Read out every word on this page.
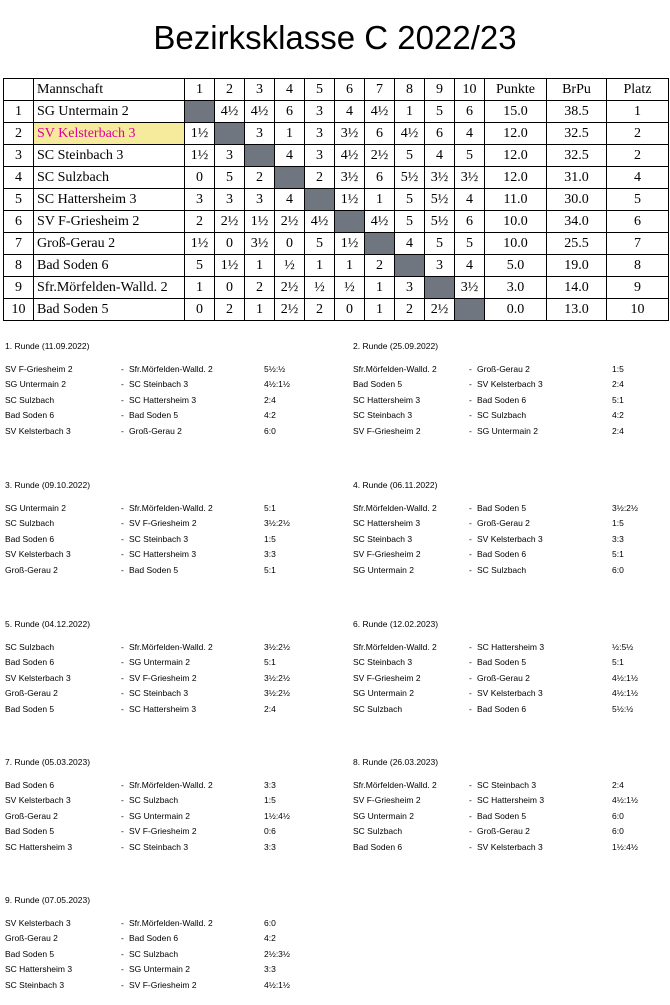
Bezirksklasse C 2022/23
	Mannschaft	1	2	3	4	5	6	7	8	9	10	Punkte	BrPu	Platz
1	SG Untermain 2		4½	4½	6	3	4	4½	1	5	6	15.0	38.5	1
2	SV Kelsterbach 3	1½		3	1	3	3½	6	4½	6	4	12.0	32.5	2
3	SC Steinbach 3	1½	3		4	3	4½	2½	5	4	5	12.0	32.5	2
4	SC Sulzbach	0	5	2		2	3½	6	5½	3½	3½	12.0	31.0	4
5	SC Hattersheim 3	3	3	3	4		1½	1	5	5½	4	11.0	30.0	5
6	SV F-Griesheim 2	2	2½	1½	2½	4½		4½	5	5½	6	10.0	34.0	6
7	Groß-Gerau 2	1½	0	3½	0	5	1½		4	5	5	10.0	25.5	7
8	Bad Soden 6	5	1½	1	½	1	1	2		3	4	5.0	19.0	8
9	Sfr.Mörfelden-Walld. 2	1	0	2	2½	½	½	1	3		3½	3.0	14.0	9
10	Bad Soden 5	0	2	1	2½	2	0	1	2	2½		0.0	13.0	10
1. Runde (11.09.2022)
SV F-Griesheim 2	- Sfr.Mörfelden-Walld. 2	5½:½
SG Untermain 2	- SC Steinbach 3	4½:1½
SC Sulzbach	- SC Hattersheim 3	2:4
Bad Soden 6	- Bad Soden 5	4:2
SV Kelsterbach 3	- Groß-Gerau 2	6:0
2. Runde (25.09.2022)
Sfr.Mörfelden-Walld. 2	- Groß-Gerau 2	1:5
Bad Soden 5	- SV Kelsterbach 3	2:4
SC Hattersheim 3	- Bad Soden 6	5:1
SC Steinbach 3	- SC Sulzbach	4:2
SV F-Griesheim 2	- SG Untermain 2	2:4
3. Runde (09.10.2022)
SG Untermain 2	- Sfr.Mörfelden-Walld. 2	5:1
SC Sulzbach	- SV F-Griesheim 2	3½:2½
Bad Soden 6	- SC Steinbach 3	1:5
SV Kelsterbach 3	- SC Hattersheim 3	3:3
Groß-Gerau 2	- Bad Soden 5	5:1
4. Runde (06.11.2022)
Sfr.Mörfelden-Walld. 2	- Bad Soden 5	3½:2½
SC Hattersheim 3	- Groß-Gerau 2	1:5
SC Steinbach 3	- SV Kelsterbach 3	3:3
SV F-Griesheim 2	- Bad Soden 6	5:1
SG Untermain 2	- SC Sulzbach	6:0
5. Runde (04.12.2022)
SC Sulzbach	- Sfr.Mörfelden-Walld. 2	3½:2½
Bad Soden 6	- SG Untermain 2	5:1
SV Kelsterbach 3	- SV F-Griesheim 2	3½:2½
Groß-Gerau 2	- SC Steinbach 3	3½:2½
Bad Soden 5	- SC Hattersheim 3	2:4
6. Runde (12.02.2023)
Sfr.Mörfelden-Walld. 2	- SC Hattersheim 3	½:5½
SC Steinbach 3	- Bad Soden 5	5:1
SV F-Griesheim 2	- Groß-Gerau 2	4½:1½
SG Untermain 2	- SV Kelsterbach 3	4½:1½
SC Sulzbach	- Bad Soden 6	5½:½
7. Runde (05.03.2023)
Bad Soden 6	- Sfr.Mörfelden-Walld. 2	3:3
SV Kelsterbach 3	- SC Sulzbach	1:5
Groß-Gerau 2	- SG Untermain 2	1½:4½
Bad Soden 5	- SV F-Griesheim 2	0:6
SC Hattersheim 3	- SC Steinbach 3	3:3
8. Runde (26.03.2023)
Sfr.Mörfelden-Walld. 2	- SC Steinbach 3	2:4
SV F-Griesheim 2	- SC Hattersheim 3	4½:1½
SG Untermain 2	- Bad Soden 5	6:0
SC Sulzbach	- Groß-Gerau 2	6:0
Bad Soden 6	- SV Kelsterbach 3	1½:4½
9. Runde (07.05.2023)
SV Kelsterbach 3	- Sfr.Mörfelden-Walld. 2	6:0
Groß-Gerau 2	- Bad Soden 6	4:2
Bad Soden 5	- SC Sulzbach	2½:3½
SC Hattersheim 3	- SG Untermain 2	3:3
SC Steinbach 3	- SV F-Griesheim 2	4½:1½
